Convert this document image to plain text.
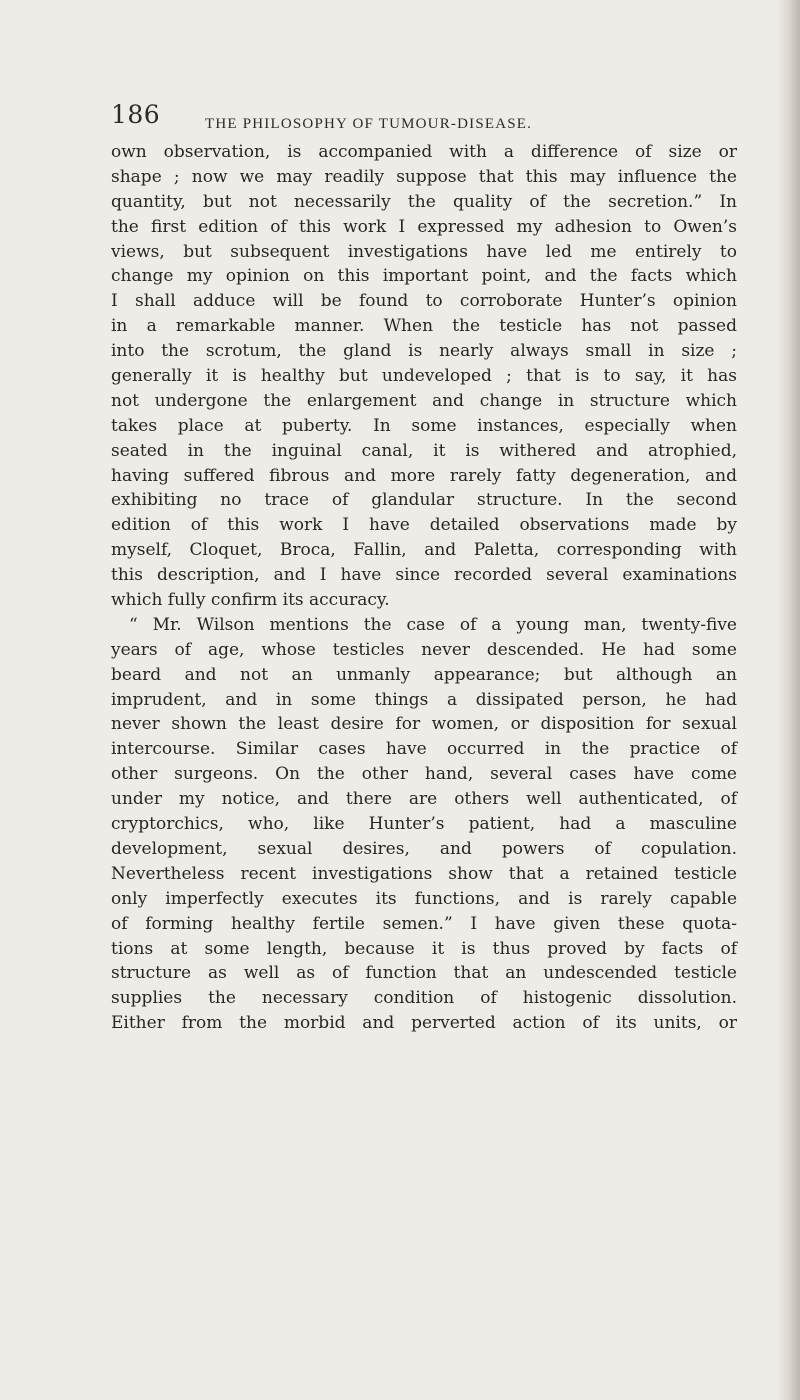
186	THE PHILOSOPHY OF TUMOUR-DISEASE.
own observation, is accompanied with a difference of size or
shape ; now we may readily suppose that this may influence the
quantity, but not necessarily the quality of the secretion.” In
the first edition of this work I expressed my adhesion to Owen’s
views, but subsequent investigations have led me entirely to
change my opinion on this important point, and the facts which
I shall adduce will be found to corroborate Hunter’s opinion
in a remarkable manner. When the testicle has not passed
into the scrotum, the gland is nearly always small in size ;
generally it is healthy but undeveloped ; that is to say, it has
not undergone the enlargement and change in structure which
takes place at puberty. In some instances, especially when
seated in the inguinal canal, it is withered and atrophied,
having suffered fibrous and more rarely fatty degeneration, and
exhibiting no trace of glandular structure. In the second
edition of this work I have detailed observations made by
myself, Cloquet, Broca, Fallin, and Paletta, corresponding with
this description, and I have since recorded several examinations
which fully confirm its accuracy.
“ Mr. Wilson mentions the case of a young man, twenty-five
years of age, whose testicles never descended. He had some
beard and not an unmanly appearance; but although an
imprudent, and in some things a dissipated person, he had
never shown the least desire for women, or disposition for sexual
intercourse. Similar cases have occurred in the practice of
other surgeons. On the other hand, several cases have come
under my notice, and there are others well authenticated, of
cryptorchics, who, like Hunter’s patient, had a masculine
development, sexual desires, and powers of copulation.
Nevertheless recent investigations show that a retained testicle
only imperfectly executes its functions, and is rarely capable
of forming healthy fertile semen.” I have given these quota-
tions at some length, because it is thus proved by facts of
structure as well as of function that an undescended testicle
supplies the necessary condition of histogenic dissolution.
Either from the morbid and perverted action of its units, or
